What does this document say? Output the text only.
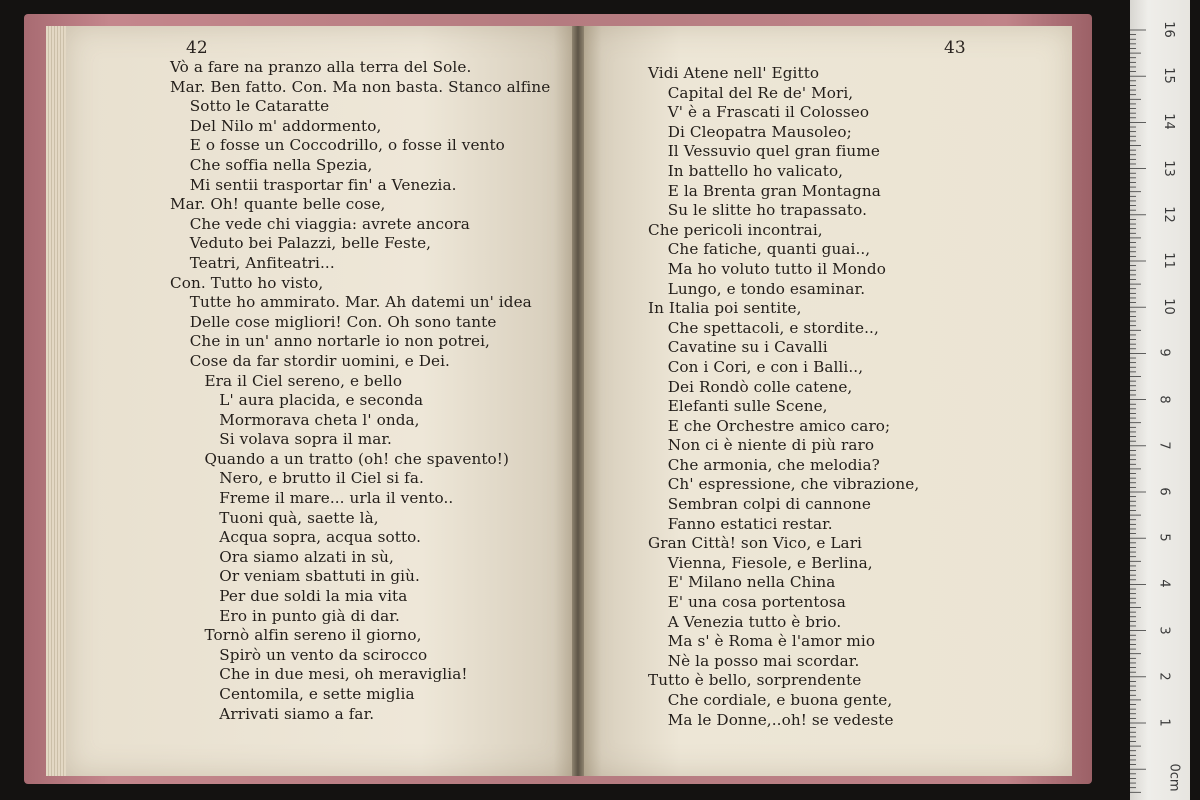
42	43
Vò a fare na pranzo alla terra del Sole.
Mar. Ben fatto. Con. Ma non basta. Stanco alfine
Sotto le Cataratte
Del Nilo m' addormento,
E o fosse un Coccodrillo, o fosse il vento
Che soffia nella Spezia,
Mi sentii trasportar fin' a Venezia.
Mar. Oh! quante belle cose,
Che vede chi viaggia: avrete ancora
Veduto bei Palazzi, belle Feste,
Teatri, Anfiteatri...
Con. Tutto ho visto,
Tutte ho ammirato. Mar. Ah datemi un' idea
Delle cose migliori! Con. Oh sono tante
Che in un' anno nortarle io non potrei,
Cose da far stordir uomini, e Dei.
Era il Ciel sereno, e bello
L' aura placida, e seconda
Mormorava cheta l' onda,
Si volava sopra il mar.
Quando a un tratto (oh! che spavento!)
Nero, e brutto il Ciel si fa.
Freme il mare... urla il vento..
Tuoni quà, saette là,
Acqua sopra, acqua sotto.
Ora siamo alzati in sù,
Or veniam sbattuti in giù.
Per due soldi la mia vita
Ero in punto già di dar.
Tornò alfin sereno il giorno,
Spirò un vento da scirocco
Che in due mesi, oh meraviglia!
Centomila, e sette miglia
Arrivati siamo a far.
Vidi Atene nell' Egitto
Capital del Re de' Mori,
V' è a Frascati il Colosseo
Di Cleopatra Mausoleo;
Il Vessuvio quel gran fiume
In battello ho valicato,
E la Brenta gran Montagna
Su le slitte ho trapassato.
Che pericoli incontrai,
Che fatiche, quanti guai..,
Ma ho voluto tutto il Mondo
Lungo, e tondo esaminar.
In Italia poi sentite,
Che spettacoli, e stordite..,
Cavatine su i Cavalli
Con i Cori, e con i Balli..,
Dei Rondò colle catene,
Elefanti sulle Scene,
E che Orchestre amico caro;
Non ci è niente di più raro
Che armonia, che melodia?
Ch' espressione, che vibrazione,
Sembran colpi di cannone
Fanno estatici restar.
Gran Città! son Vico, e Lari
Vienna, Fiesole, e Berlina,
E' Milano nella China
E' una cosa portentosa
A Venezia tutto è brio.
Ma s' è Roma è l'amor mio
Nè la posso mai scordar.
Tutto è bello, sorprendente
Che cordiale, e buona gente,
Ma le Donne,..oh! se vedeste
16
15
14
13
12
11
10
9
8
7
6
5
4
3
2
1
0cm
